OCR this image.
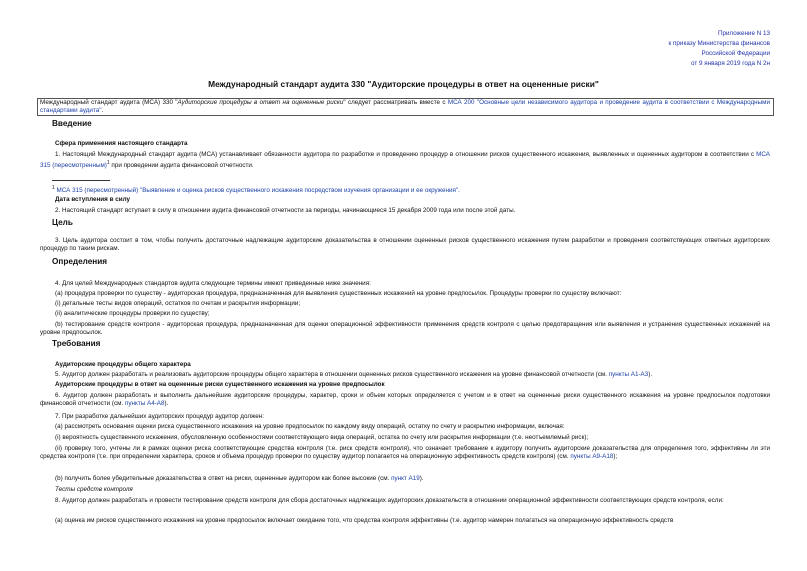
Приложение N 13
к приказу Министерства финансов
Российской Федерации
от 9 января 2019 года N 2н
Международный стандарт аудита 330 "Аудиторские процедуры в ответ на оцененные риски"
Международный стандарт аудита (МСА) 330 "Аудиторские процедуры в ответ на оцененные риски" следует рассматривать вместе с МСА 200 "Основные цели независимого аудитора и проведение аудита в соответствии с Международными стандартами аудита".
Введение
Сфера применения настоящего стандарта
1. Настоящий Международный стандарт аудита (МСА) устанавливает обязанности аудитора по разработке и проведению процедур в отношении рисков существенного искажения, выявленных и оцененных аудитором в соответствии с МСА 315 (пересмотренным)$^1$ при проведении аудита финансовой отчетности.
$^1$ МСА 315 (пересмотренный) "Выявление и оценка рисков существенного искажения посредством изучения организации и ее окружения".
Дата вступления в силу
2. Настоящий стандарт вступает в силу в отношении аудита финансовой отчетности за периоды, начинающиеся 15 декабря 2009 года или после этой даты.
Цель
3. Цель аудитора состоит в том, чтобы получить достаточные надлежащие аудиторские доказательства в отношении оцененных рисков существенного искажения путем разработки и проведения соответствующих ответных аудиторских процедур по таким рискам.
Определения
4. Для целей Международных стандартов аудита следующие термины имеют приведенные ниже значения:
(a) процедура проверки по существу - аудиторская процедура, предназначенная для выявления существенных искажений на уровне предпосылок. Процедуры проверки по существу включают:
(i) детальные тесты видов операций, остатков по счетам и раскрытия информации;
(ii) аналитические процедуры проверки по существу;
(b) тестирование средств контроля - аудиторская процедура, предназначенная для оценки операционной эффективности применения средств контроля с целью предотвращения или выявления и устранения существенных искажений на уровне предпосылок.
Требования
Аудиторские процедуры общего характера
5. Аудитор должен разработать и реализовать аудиторские процедуры общего характера в отношении оцененных рисков существенного искажения на уровне финансовой отчетности (см. пункты А1-А3).
Аудиторские процедуры в ответ на оцененные риски существенного искажения на уровне предпосылок
6. Аудитор должен разработать и выполнить дальнейшие аудиторские процедуры, характер, сроки и объем которых определяется с учетом и в ответ на оцененные риски существенного искажения на уровне предпосылок подготовки финансовой отчетности (см. пункты А4-А8).
7. При разработке дальнейших аудиторских процедур аудитор должен:
(a) рассмотреть основания оценки риска существенного искажения на уровне предпосылок по каждому виду операций, остатку по счету и раскрытию информации, включая:
(i) вероятность существенного искажения, обусловленную особенностями соответствующего вида операций, остатка по счету или раскрытия информации (т.е. неотъемлемый риск);
(ii) проверку того, учтены ли в рамках оценки риска соответствующие средства контроля (т.е. риск средств контроля), что означает требование к аудитору получить аудиторские доказательства для определения того, эффективны ли эти средства контроля (т.е. при определении характера, сроков и объема процедур проверки по существу аудитор полагается на операционную эффективность средств контроля) (см. пункты А9-А18);
(b) получить более убедительные доказательства в ответ на риски, оцененные аудитором как более высокие (см. пункт А19).
Тесты средств контроля
8. Аудитор должен разработать и провести тестирование средств контроля для сбора достаточных надлежащих аудиторских доказательств в отношении операционной эффективности соответствующих средств контроля, если:
(a) оценка им рисков существенного искажения на уровне предпосылок включает ожидание того, что средства контроля эффективны (т.е. аудитор намерен полагаться на операционную эффективность средств
